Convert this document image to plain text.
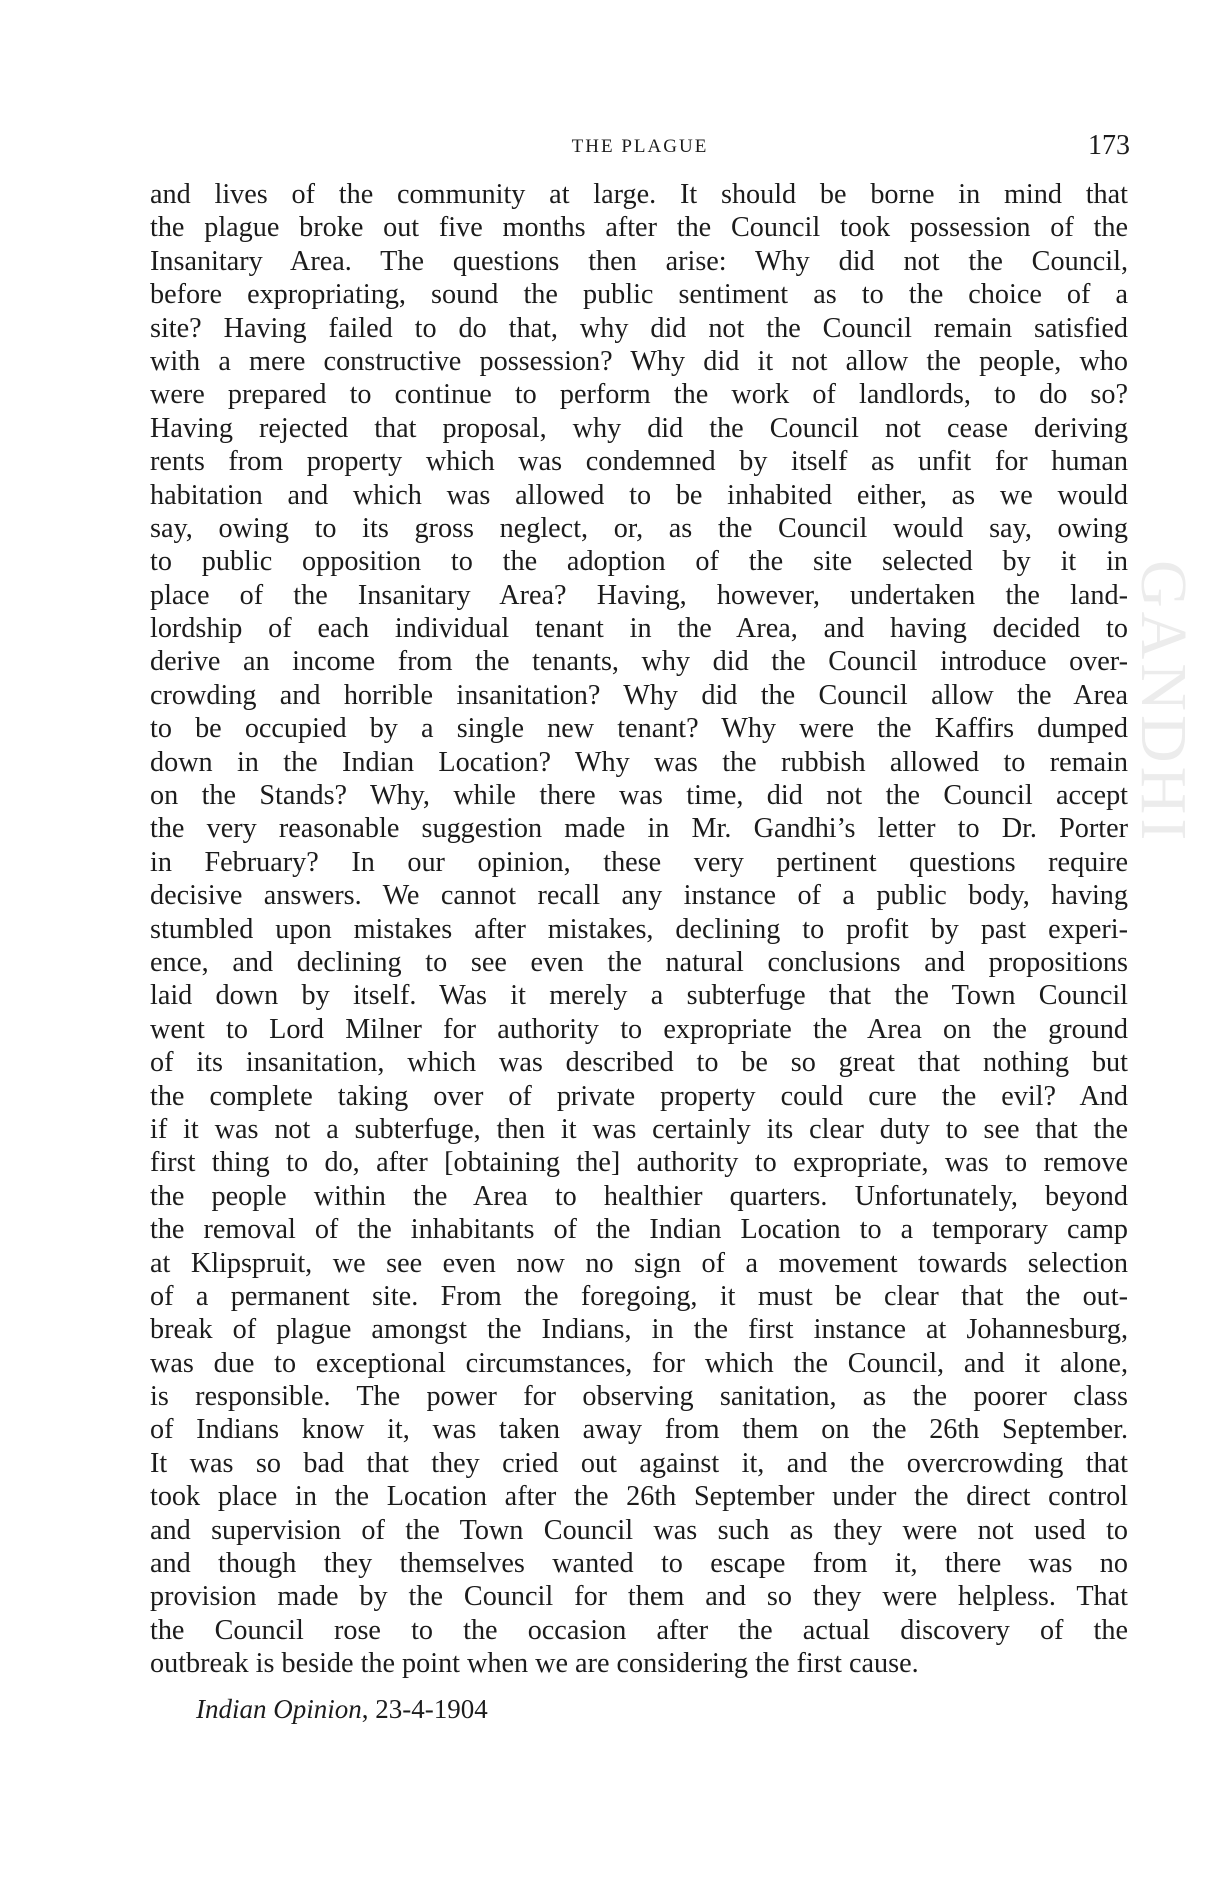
GANDHI
THE PLAGUE	173
and lives of the community at large. It should be borne in mind that
the plague broke out five months after the Council took possession of the
Insanitary Area. The questions then arise: Why did not the Council,
before expropriating, sound the public sentiment as to the choice of a
site? Having failed to do that, why did not the Council remain satisfied
with a mere constructive possession? Why did it not allow the people, who
were prepared to continue to perform the work of landlords, to do so?
Having rejected that proposal, why did the Council not cease deriving
rents from property which was condemned by itself as unfit for human
habitation and which was allowed to be inhabited either, as we would
say, owing to its gross neglect, or, as the Council would say, owing
to public opposition to the adoption of the site selected by it in
place of the Insanitary Area? Having, however, undertaken the land-
lordship of each individual tenant in the Area, and having decided to
derive an income from the tenants, why did the Council introduce over-
crowding and horrible insanitation? Why did the Council allow the Area
to be occupied by a single new tenant? Why were the Kaffirs dumped
down in the Indian Location? Why was the rubbish allowed to remain
on the Stands? Why, while there was time, did not the Council accept
the very reasonable suggestion made in Mr. Gandhi’s letter to Dr. Porter
in February? In our opinion, these very pertinent questions require
decisive answers. We cannot recall any instance of a public body, having
stumbled upon mistakes after mistakes, declining to profit by past experi-
ence, and declining to see even the natural conclusions and propositions
laid down by itself. Was it merely a subterfuge that the Town Council
went to Lord Milner for authority to expropriate the Area on the ground
of its insanitation, which was described to be so great that nothing but
the complete taking over of private property could cure the evil? And
if it was not a subterfuge, then it was certainly its clear duty to see that the
first thing to do, after [obtaining the] authority to expropriate, was to remove
the people within the Area to healthier quarters. Unfortunately, beyond
the removal of the inhabitants of the Indian Location to a temporary camp
at Klipspruit, we see even now no sign of a movement towards selection
of a permanent site. From the foregoing, it must be clear that the out-
break of plague amongst the Indians, in the first instance at Johannesburg,
was due to exceptional circumstances, for which the Council, and it alone,
is responsible. The power for observing sanitation, as the poorer class
of Indians know it, was taken away from them on the 26th September.
It was so bad that they cried out against it, and the overcrowding that
took place in the Location after the 26th September under the direct control
and supervision of the Town Council was such as they were not used to
and though they themselves wanted to escape from it, there was no
provision made by the Council for them and so they were helpless. That
the Council rose to the occasion after the actual discovery of the
outbreak is beside the point when we are considering the first cause.
Indian Opinion, 23-4-1904
